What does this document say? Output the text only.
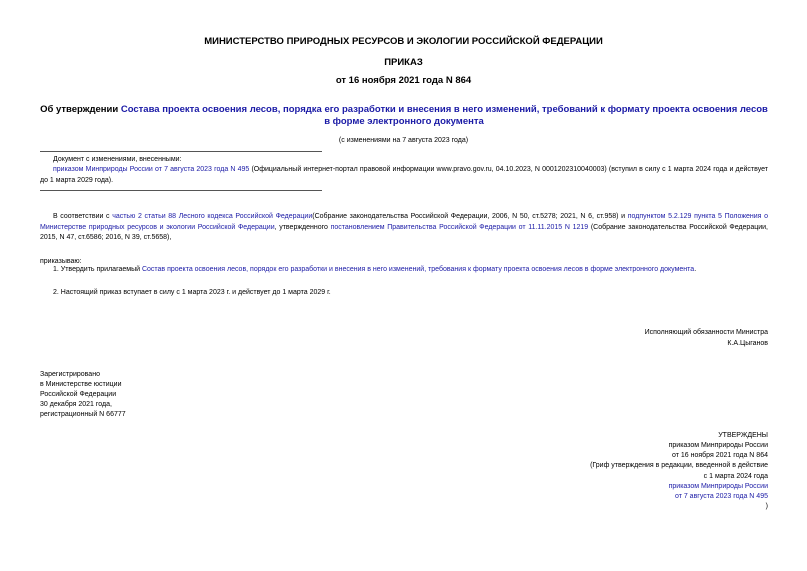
МИНИСТЕРСТВО ПРИРОДНЫХ РЕСУРСОВ И ЭКОЛОГИИ РОССИЙСКОЙ ФЕДЕРАЦИИ
ПРИКАЗ
от 16 ноября 2021 года N 864
Об утверждении Состава проекта освоения лесов, порядка его разработки и внесения в него изменений, требований к формату проекта освоения лесов в форме электронного документа
(с изменениями на 7 августа 2023 года)
Документ с изменениями, внесенными:
приказом Минприроды России от 7 августа 2023 года N 495 (Официальный интернет-портал правовой информации www.pravo.gov.ru, 04.10.2023, N 0001202310040003) (вступил в силу с 1 марта 2024 года и действует до 1 марта 2029 года).
В соответствии с частью 2 статьи 88 Лесного кодекса Российской Федерации(Собрание законодательства Российской Федерации, 2006, N 50, ст.5278; 2021, N 6, ст.958) и подпунктом 5.2.129 пункта 5 Положения о Министерстве природных ресурсов и экологии Российской Федерации, утвержденного постановлением Правительства Российской Федерации от 11.11.2015 N 1219 (Собрание законодательства Российской Федерации, 2015, N 47, ст.6586; 2016, N 39, ст.5658),
приказываю:
1. Утвердить прилагаемый Состав проекта освоения лесов, порядок его разработки и внесения в него изменений, требования к формату проекта освоения лесов в форме электронного документа.
2. Настоящий приказ вступает в силу с 1 марта 2023 г. и действует до 1 марта 2029 г.
Исполняющий обязанности Министра
К.А.Цыганов
Зарегистрировано
в Министерстве юстиции
Российской Федерации
30 декабря 2021 года,
регистрационный N 66777
УТВЕРЖДЕНЫ
приказом Минприроды России
от 16 ноября 2021 года N 864
(Гриф утверждения в редакции, введенной в действие
с 1 марта 2024 года
приказом Минприроды России
от 7 августа 2023 года N 495
)
